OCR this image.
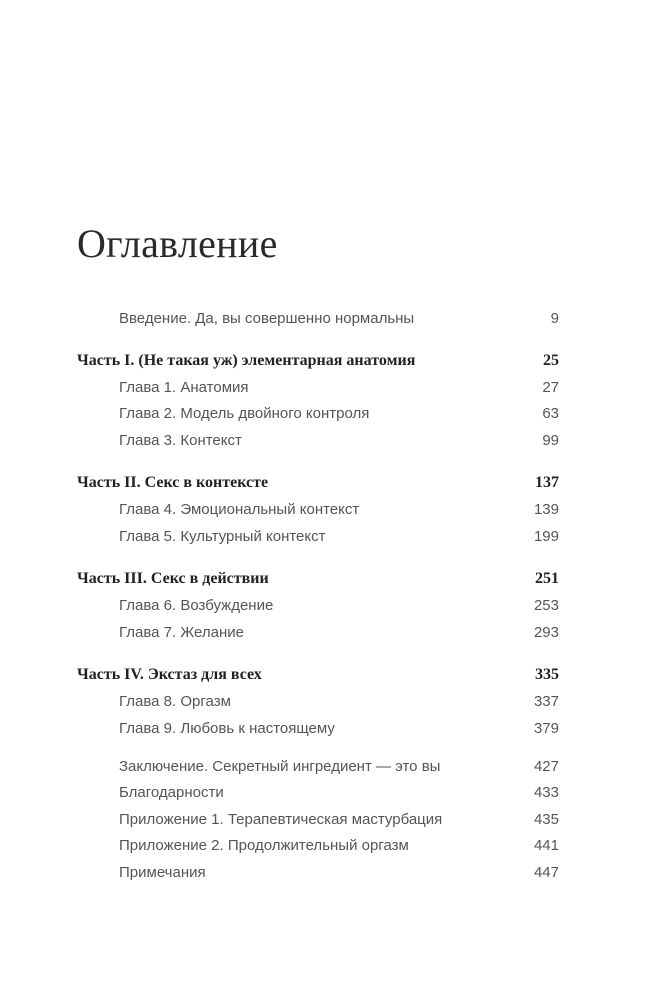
Оглавление
Введение. Да, вы совершенно нормальны	9
Часть I. (Не такая уж) элементарная анатомия	25
Глава 1. Анатомия	27
Глава 2. Модель двойного контроля	63
Глава 3. Контекст	99
Часть II. Секс в контексте	137
Глава 4. Эмоциональный контекст	139
Глава 5. Культурный контекст	199
Часть III. Секс в действии	251
Глава 6. Возбуждение	253
Глава 7. Желание	293
Часть IV. Экстаз для всех	335
Глава 8. Оргазм	337
Глава 9. Любовь к настоящему	379
Заключение. Секретный ингредиент — это вы	427
Благодарности	433
Приложение 1. Терапевтическая мастурбация	435
Приложение 2. Продолжительный оргазм	441
Примечания	447
